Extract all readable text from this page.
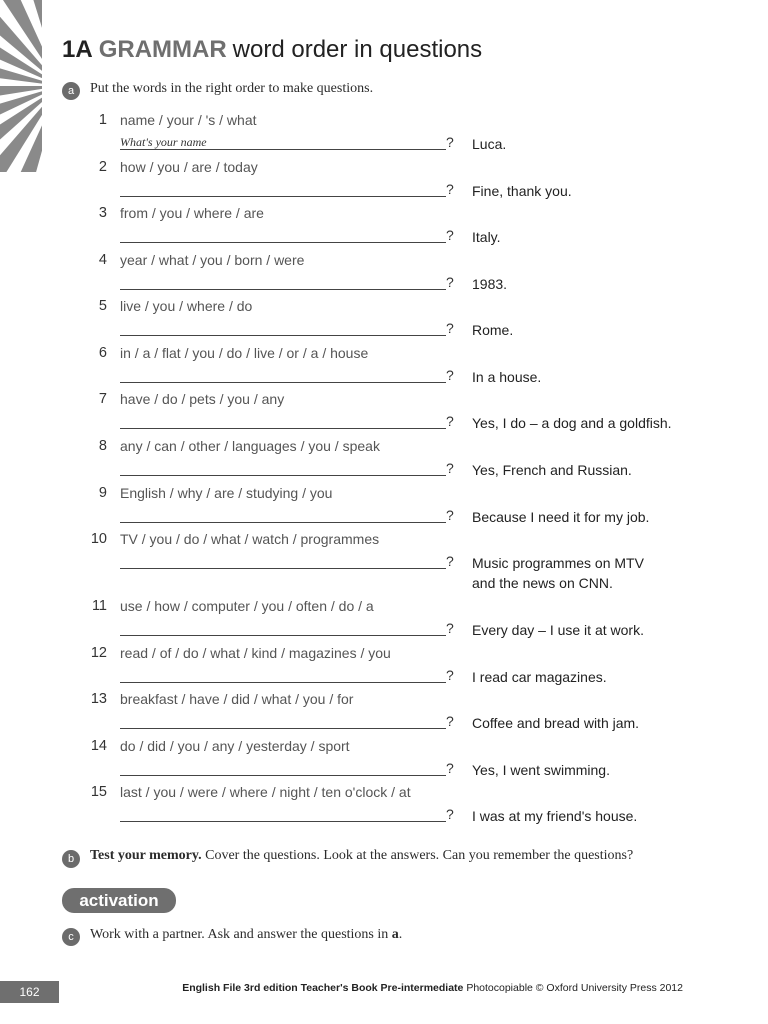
1A GRAMMAR word order in questions
a	Put the words in the right order to make questions.
1 name / your / 's / what
What's your name	? Luca.
2 how / you / are / today
? Fine, thank you.
3 from / you / where / are
? Italy.
4 year / what / you / born / were
? 1983.
5 live / you / where / do
? Rome.
6 in / a / flat / you / do / live / or / a / house
? In a house.
7 have / do / pets / you / any
? Yes, I do – a dog and a goldfish.
8 any / can / other / languages / you / speak
? Yes, French and Russian.
9 English / why / are / studying / you
? Because I need it for my job.
10 TV / you / do / what / watch / programmes
? Music programmes on MTV
and the news on CNN.
11 use / how / computer / you / often / do / a
? Every day – I use it at work.
12 read / of / do / what / kind / magazines / you
? I read car magazines.
13 breakfast / have / did / what / you / for
? Coffee and bread with jam.
14 do / did / you / any / yesterday / sport
? Yes, I went swimming.
15 last / you / were / where / night / ten o'clock / at
? I was at my friend's house.
b	Test your memory. Cover the questions. Look at the answers. Can you remember the questions?
activation
c	Work with a partner. Ask and answer the questions in a.
162	English File 3rd edition Teacher's Book Pre-intermediate Photocopiable © Oxford University Press 2012
